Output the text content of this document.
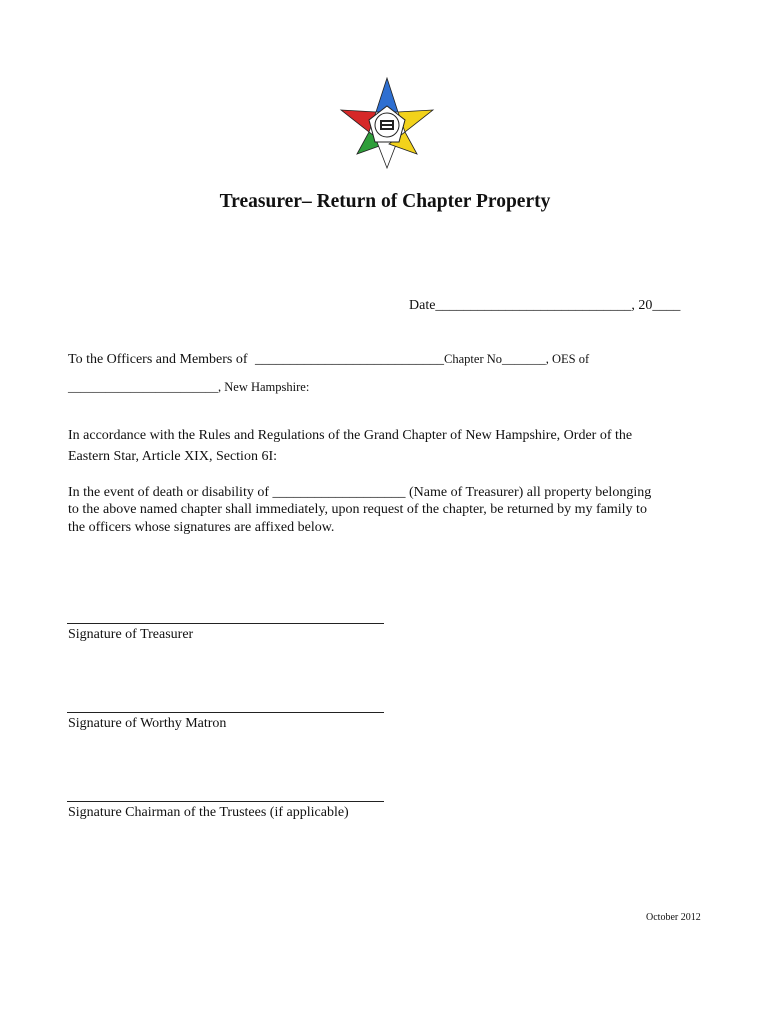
Treasurer– Return of Chapter Property
Date____________________________, 20____
To the Officers and Members of ___________________________Chapter No_______, OES of
________________________, New Hampshire:
In accordance with the Rules and Regulations of the Grand Chapter of New Hampshire, Order of the
Eastern Star, Article XIX, Section 6I:
In the event of death or disability of ___________________ (Name of Treasurer) all property belonging
to the above named chapter shall immediately, upon request of the chapter, be returned by my family to
the officers whose signatures are affixed below.
Signature of Treasurer
Signature of Worthy Matron
Signature Chairman of the Trustees (if applicable)
October 2012
